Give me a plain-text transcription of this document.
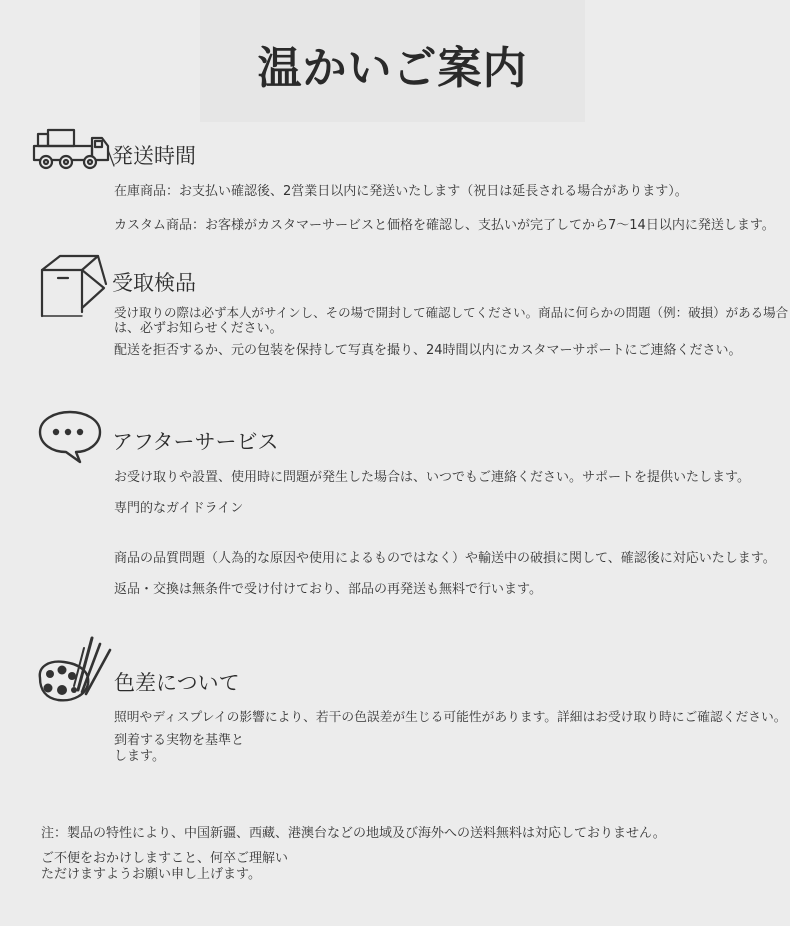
温かいご案内
発送時間
在庫商品：お支払い確認後、2営業日以内に発送いたします（祝日は延長される場合があります）。
カスタム商品：お客様がカスタマーサービスと価格を確認し、支払いが完了してから7〜14日以内に発送します。
受取検品
受け取りの際は必ず本人がサインし、その場で開封して確認してください。商品に何らかの問題（例：破損）がある場合
は、必ずお知らせください。
配送を拒否するか、元の包装を保持して写真を撮り、24時間以内にカスタマーサポートにご連絡ください。
アフターサービス
お受け取りや設置、使用時に問題が発生した場合は、いつでもご連絡ください。サポートを提供いたします。
専門的なガイドライン
商品の品質問題（人為的な原因や使用によるものではなく）や輸送中の破損に関して、確認後に対応いたします。
返品・交換は無条件で受け付けており、部品の再発送も無料で行います。
色差について
照明やディスプレイの影響により、若干の色誤差が生じる可能性があります。詳細はお受け取り時にご確認ください。
到着する実物を基準と
します。
注：製品の特性により、中国新疆、西藏、港澳台などの地域及び海外への送料無料は対応しておりません。
ご不便をおかけしますこと、何卒ご理解い
ただけますようお願い申し上げます。
